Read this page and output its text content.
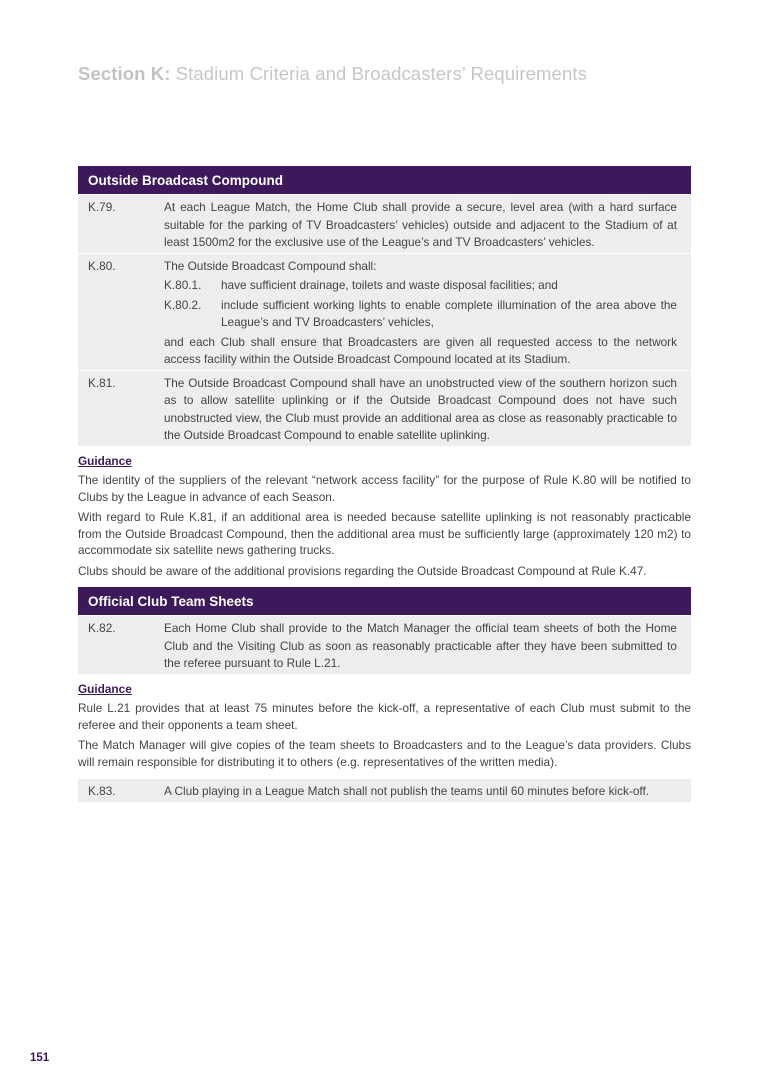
Section K: Stadium Criteria and Broadcasters’ Requirements
Outside Broadcast Compound
K.79.	At each League Match, the Home Club shall provide a secure, level area (with a hard surface suitable for the parking of TV Broadcasters’ vehicles) outside and adjacent to the Stadium of at least 1500m2 for the exclusive use of the League’s and TV Broadcasters’ vehicles.

K.80.	The Outside Broadcast Compound shall:

K.80.1.	have sufficient drainage, toilets and waste disposal facilities; and
K.80.2.	include sufficient working lights to enable complete illumination of the area above the League’s and TV Broadcasters’ vehicles,

and each Club shall ensure that Broadcasters are given all requested access to the network access facility within the Outside Broadcast Compound located at its Stadium.

K.81.	The Outside Broadcast Compound shall have an unobstructed view of the southern horizon such as to allow satellite uplinking or if the Outside Broadcast Compound does not have such unobstructed view, the Club must provide an additional area as close as reasonably practicable to the Outside Broadcast Compound to enable satellite uplinking.

Guidance

The identity of the suppliers of the relevant “network access facility” for the purpose of Rule K.80 will be notified to Clubs by the League in advance of each Season.

With regard to Rule K.81, if an additional area is needed because satellite uplinking is not reasonably practicable from the Outside Broadcast Compound, then the additional area must be sufficiently large (approximately 120 m2) to accommodate six satellite news gathering trucks.

Clubs should be aware of the additional provisions regarding the Outside Broadcast Compound at Rule K.47.

Official Club Team Sheets
K.82.	Each Home Club shall provide to the Match Manager the official team sheets of both the Home Club and the Visiting Club as soon as reasonably practicable after they have been submitted to the referee pursuant to Rule L.21.

Guidance

Rule L.21 provides that at least 75 minutes before the kick-off, a representative of each Club must submit to the referee and their opponents a team sheet.

The Match Manager will give copies of the team sheets to Broadcasters and to the League’s data providers. Clubs will remain responsible for distributing it to others (e.g. representatives of the written media).

K.83.	A Club playing in a League Match shall not publish the teams until 60 minutes before kick-off.

151
